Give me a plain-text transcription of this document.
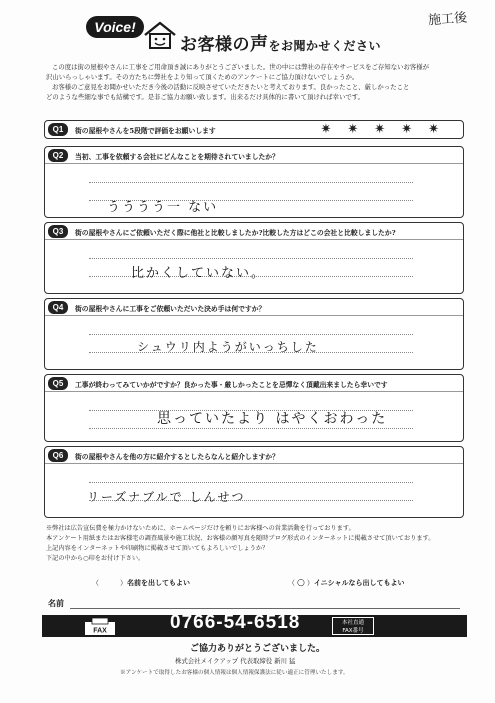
施工後
Voice!
お客様の声をお聞かせください

この度は街の屋根やさんに工事をご用命頂き誠にありがとうございました。世の中には弊社の存在やサービスをご存知ないお客様が

沢山いらっしゃいます。その方たちに弊社をより知って頂くためのアンケートにご協力頂けないでしょうか。

お客様のご意見をお聞かせいただき今後の活動に反映させていただきたいと考えております。良かったこと、厳しかったこと

どのような些細な事でも結構です。是非ご協力お願い致します。出来るだけ具体的に書いて頂ければ幸いです。

Q1	街の屋根やさんを5段階で評価をお願いします	✷ ✷ ✷ ✷ ✷
Q2	当初、工事を依頼する会社にどんなことを期待されていましたか？
うううう一 ない
Q3	街の屋根やさんにご依頼いただく際に他社と比較しましたか?比較した方はどこの会社と比較しましたか?
比かくしていない。
Q4	街の屋根やさんに工事をご依頼いただいた決め手は何ですか？
シュウリ内ようがいっちした
Q5	工事が終わってみていかがですか？良かった事・厳しかったことを忌憚なく頂戴出来ましたら幸いです
思っていたより はやくおわった
Q6	街の屋根やさんを他の方に紹介するとしたらなんと紹介しますか？
リーズナブルで しんせつ

※弊社は広告宣伝費を極力かけないために、ホームページだけを頼りにお客様への営業活動を行っております。

本アンケート用紙またはお客様宅の調査風景や施工状況、お客様の顔写真を随時ブログ形式のインターネットに掲載させて頂いております。

上記内容をインターネットや印刷物に掲載させて頂いてもよろしいでしょうか？

下記の中から○印をお付け下さい。

（　　　）名前を出してもよい	（ ○ ）イニシャルなら出してもよい
名前
FAX	0766-54-6518	本社直通
FAX番号
ご協力ありがとうございました。
株式会社メイクアップ 代表取締役 新川 猛
※アンケートで取得したお客様の個人情報は個人情報保護法に従い適正に管理いたします。
